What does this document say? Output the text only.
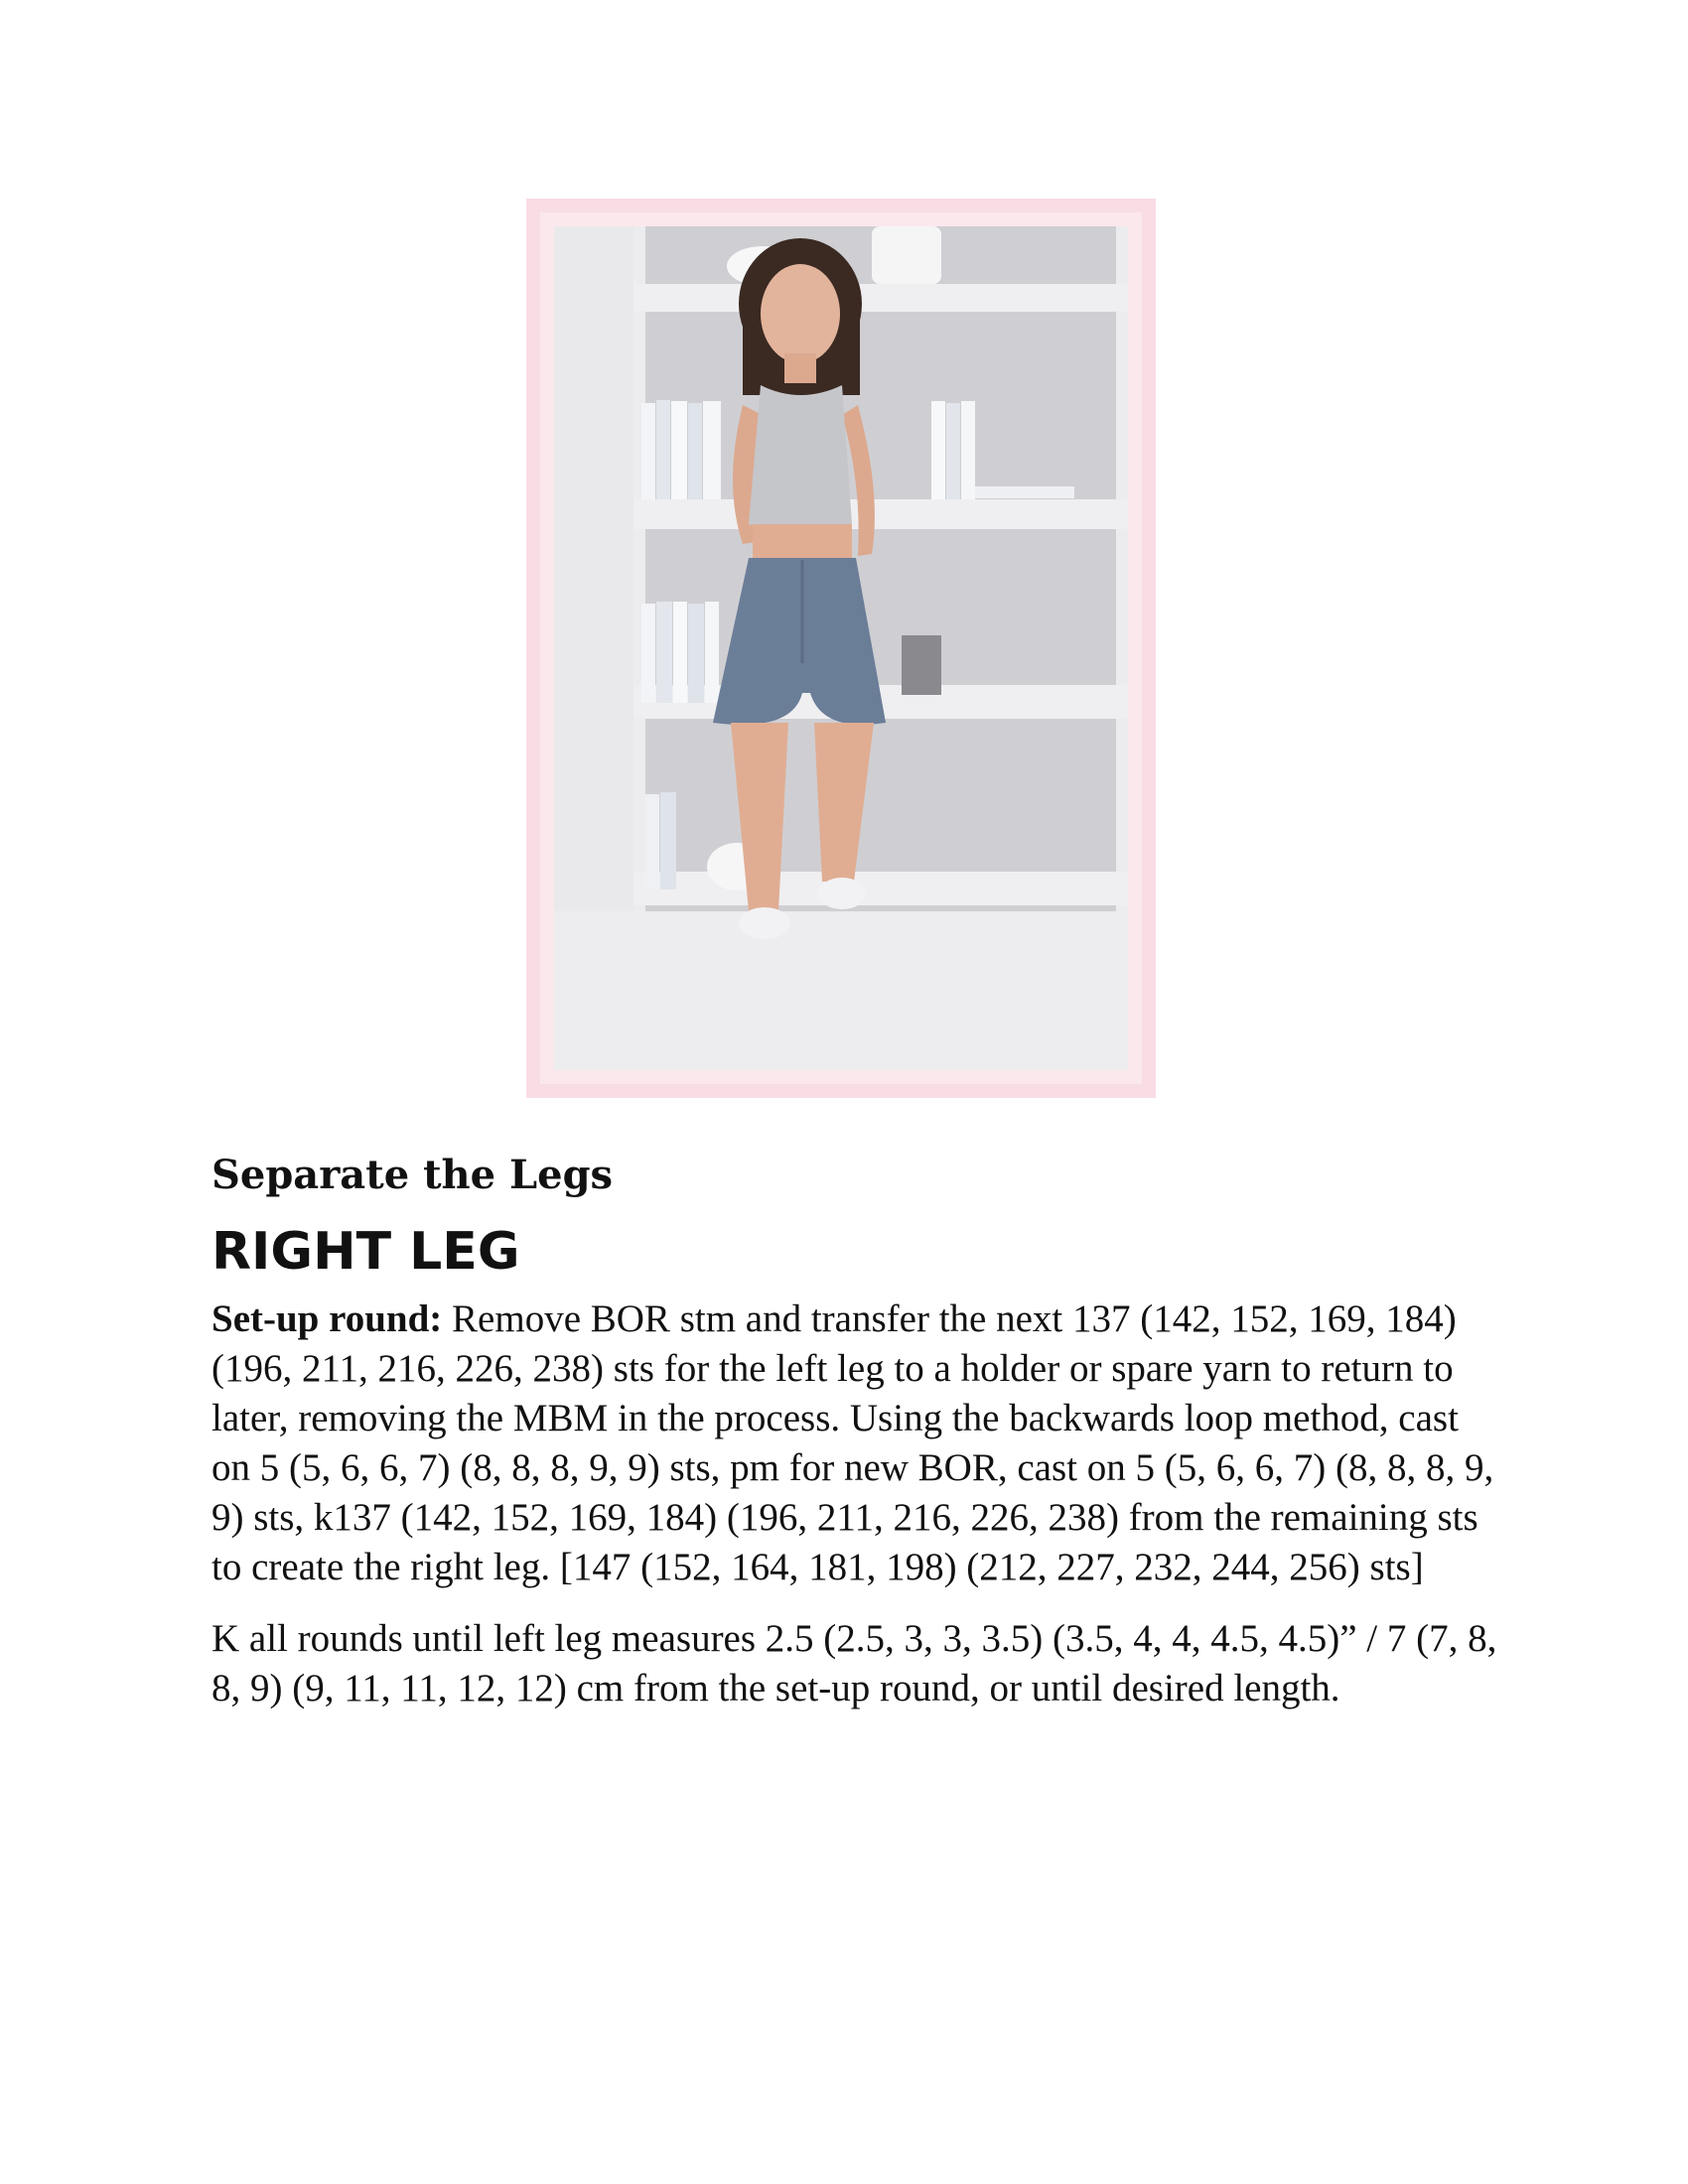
Separate the Legs
RIGHT LEG

Set-up round: Remove BOR stm and transfer the next 137 (142, 152, 169, 184) (196, 211, 216, 226, 238) sts for the left leg to a holder or spare yarn to return to later, removing the MBM in the process. Using the backwards loop method, cast on 5 (5, 6, 6, 7) (8, 8, 8, 9, 9) sts, pm for new BOR, cast on 5 (5, 6, 6, 7) (8, 8, 8, 9, 9) sts, k137 (142, 152, 169, 184) (196, 211, 216, 226, 238) from the remaining sts to create the right leg. [147 (152, 164, 181, 198) (212, 227, 232, 244, 256) sts]

K all rounds until left leg measures 2.5 (2.5, 3, 3, 3.5) (3.5, 4, 4, 4.5, 4.5)” / 7 (7, 8, 8, 9) (9, 11, 11, 12, 12) cm from the set-up round, or until desired length.
